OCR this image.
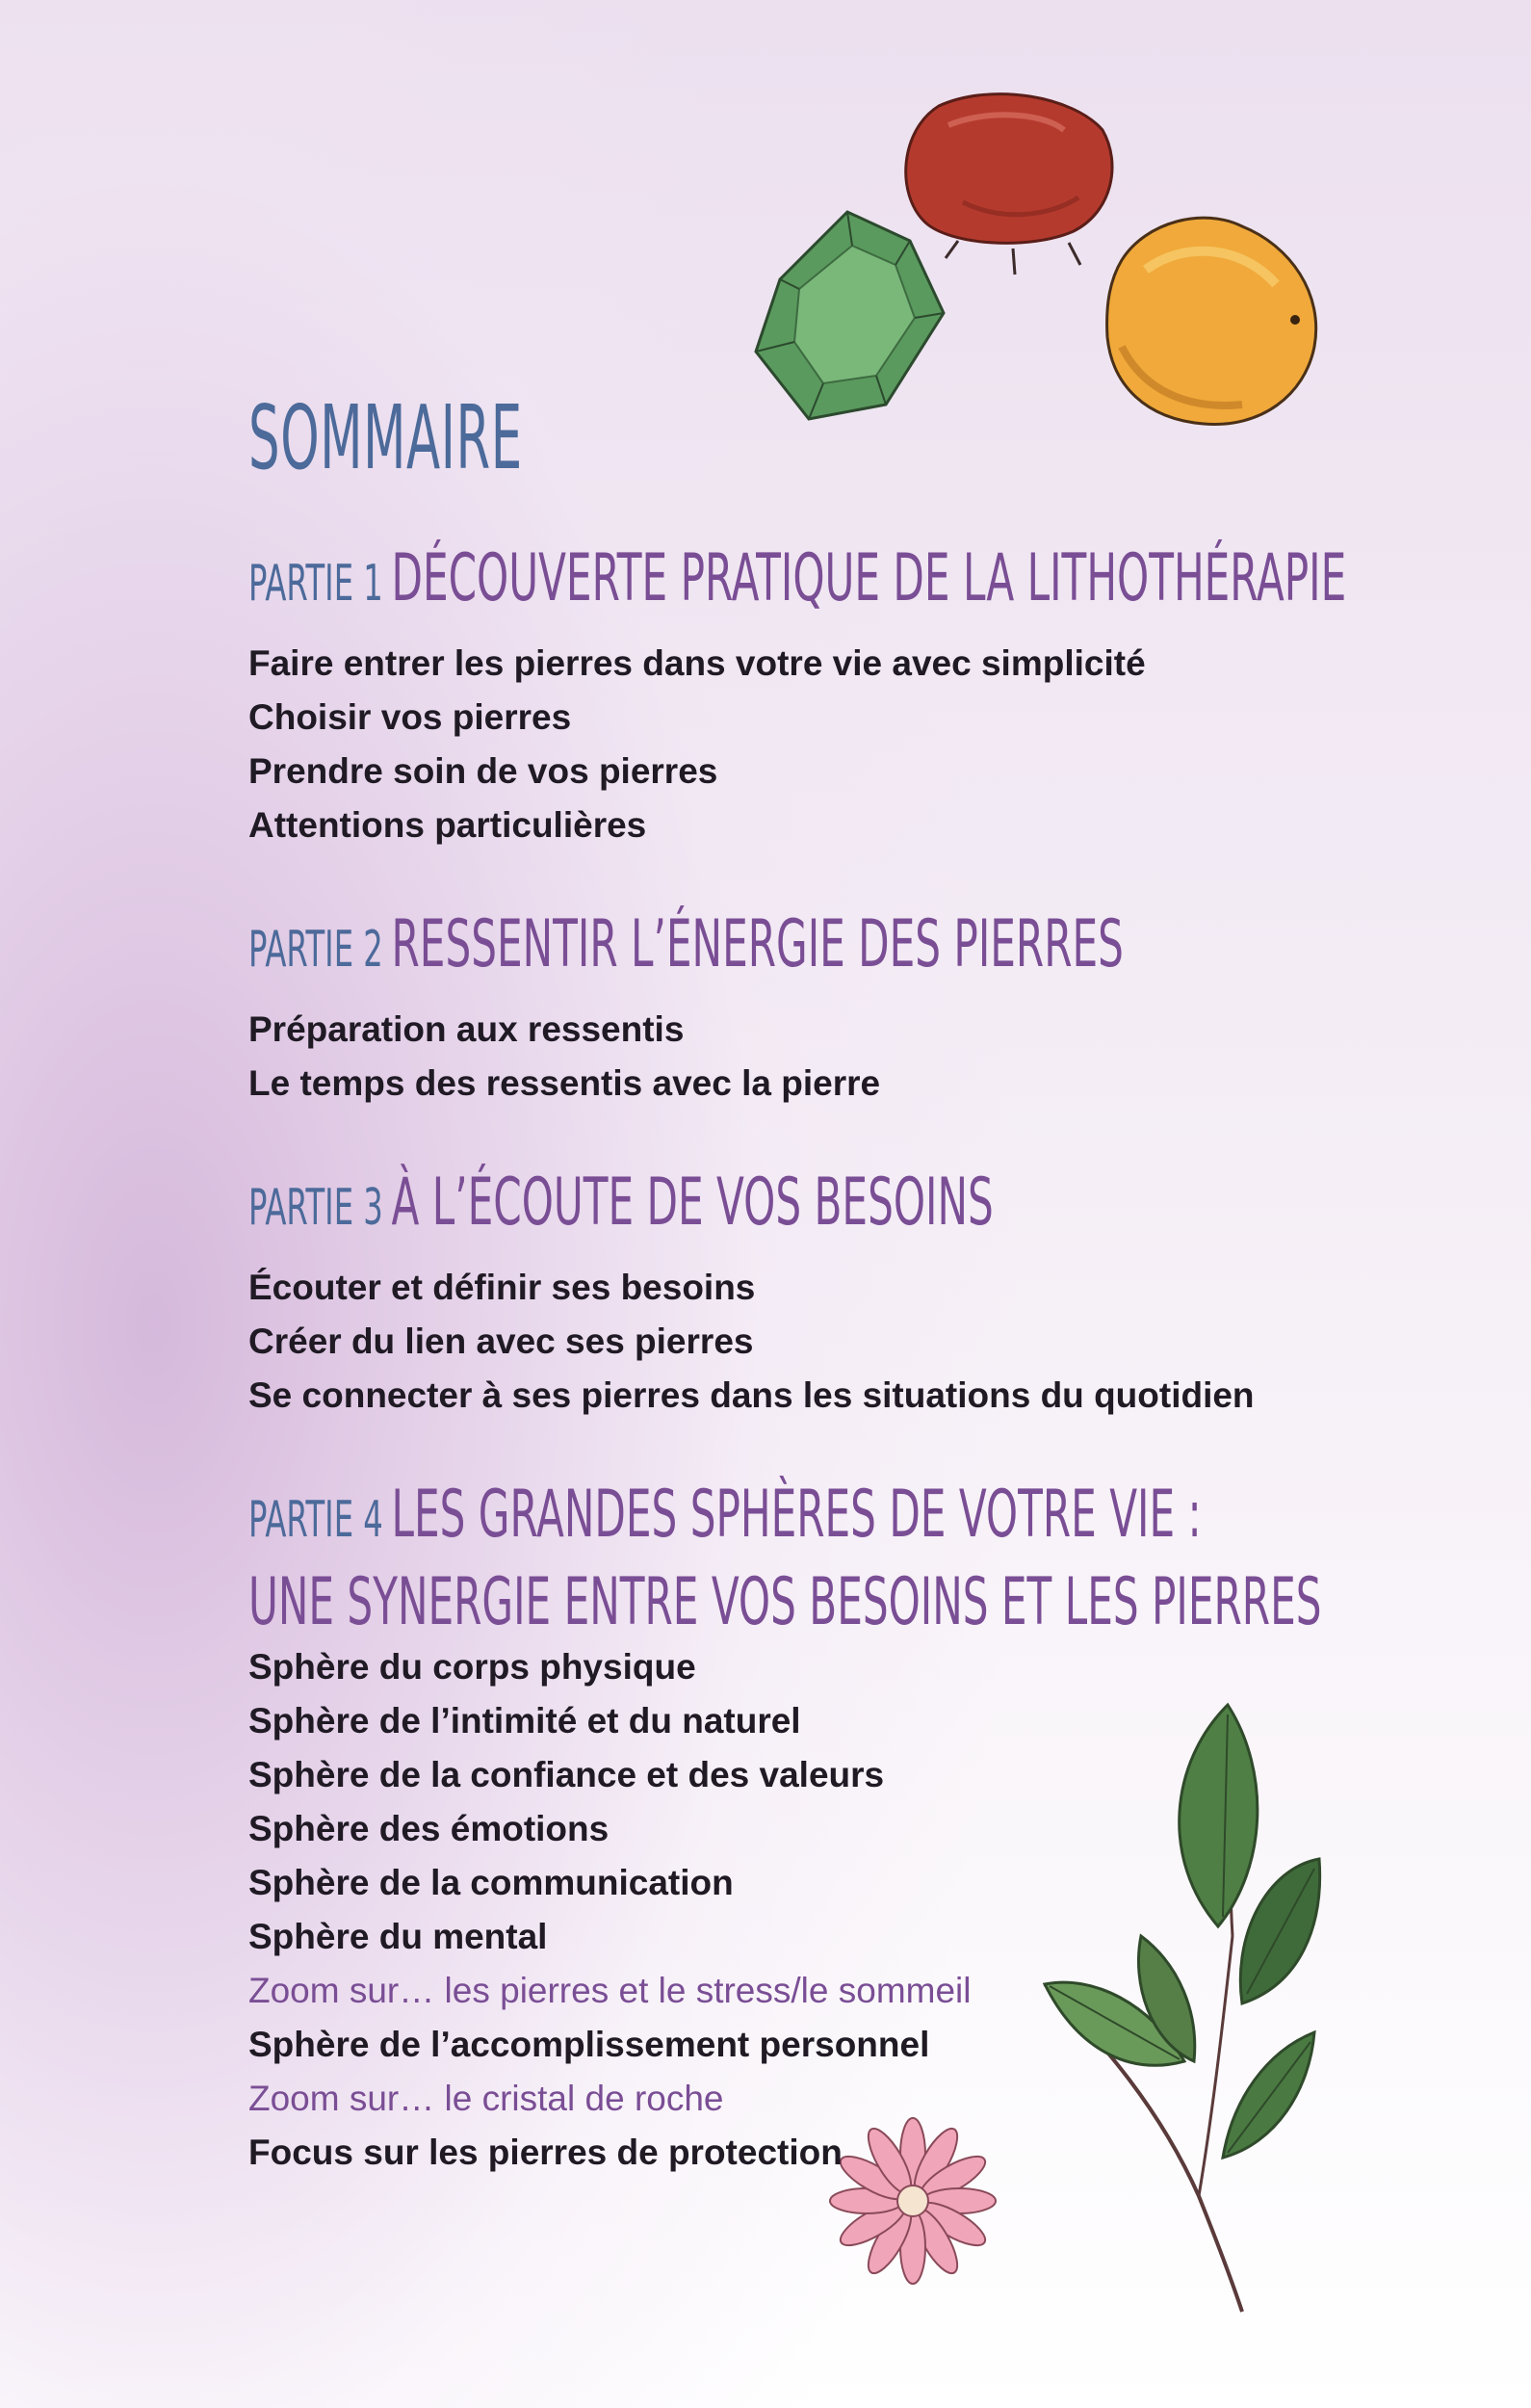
SOMMAIRE
PARTIE 1 DÉCOUVERTE PRATIQUE DE LA LITHOTHÉRAPIE
Faire entrer les pierres dans votre vie avec simplicité
Choisir vos pierres
Prendre soin de vos pierres
Attentions particulières
PARTIE 2 RESSENTIR L’ÉNERGIE DES PIERRES
Préparation aux ressentis
Le temps des ressentis avec la pierre
PARTIE 3 À L’ÉCOUTE DE VOS BESOINS
Écouter et définir ses besoins
Créer du lien avec ses pierres
Se connecter à ses pierres dans les situations du quotidien
PARTIE 4 LES GRANDES SPHÈRES DE VOTRE VIE :
UNE SYNERGIE ENTRE VOS BESOINS ET LES PIERRES
Sphère du corps physique
Sphère de l’intimité et du naturel
Sphère de la confiance et des valeurs
Sphère des émotions
Sphère de la communication
Sphère du mental
Zoom sur… les pierres et le stress/le sommeil
Sphère de l’accomplissement personnel
Zoom sur… le cristal de roche
Focus sur les pierres de protection
